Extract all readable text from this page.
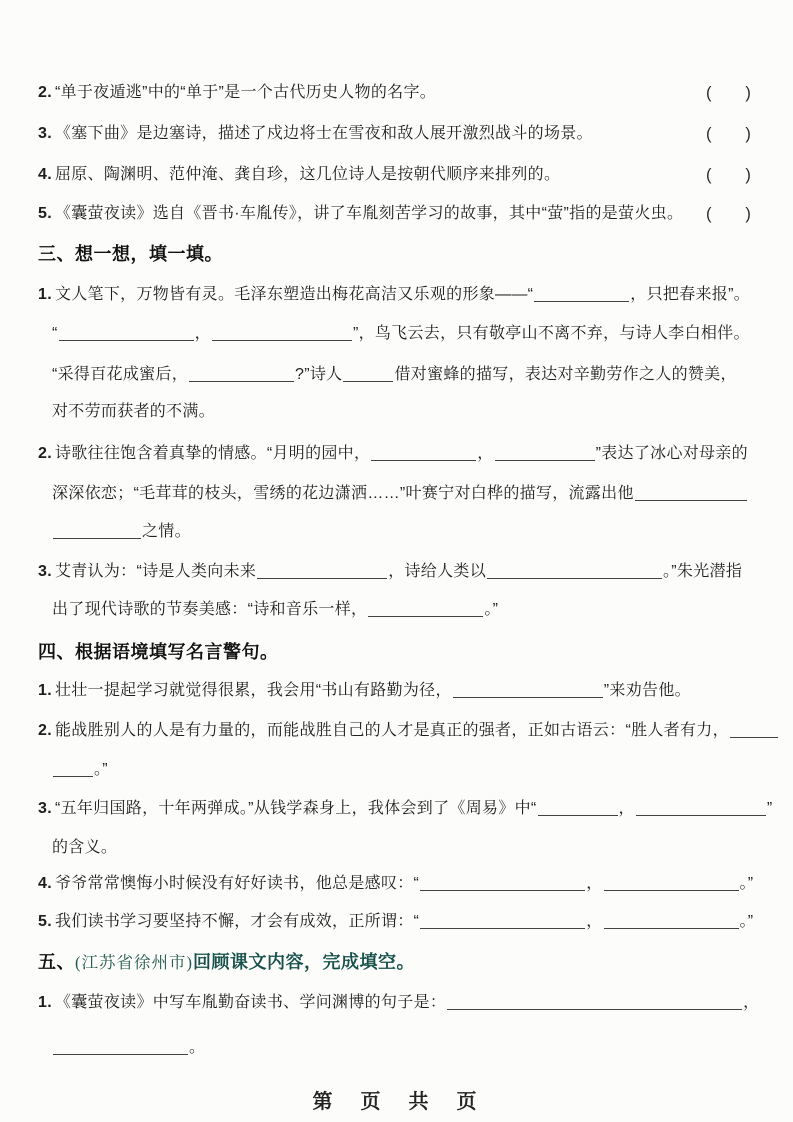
2. “单于夜遁逃”中的“单于”是一个古代历史人物的名字。	(　　)
3. 《塞下曲》是边塞诗，描述了戍边将士在雪夜和敌人展开激烈战斗的场景。	(　　)
4. 屈原、陶渊明、范仲淹、龚自珍，这几位诗人是按朝代顺序来排列的。	(　　)
5. 《囊萤夜读》选自《晋书·车胤传》，讲了车胤刻苦学习的故事，其中“萤”指的是萤火虫。 (　　)
三、想一想，填一填。
1. 文人笔下，万物皆有灵。毛泽东塑造出梅花高洁又乐观的形象——“	，只把春来报”。
“	，	”，鸟飞云去，只有敬亭山不离不弃，与诗人李白相伴。
“采得百花成蜜后，	?”诗人	借对蜜蜂的描写，表达对辛勤劳作之人的赞美，
对不劳而获者的不满。
2. 诗歌往往饱含着真挚的情感。“月明的园中，	，	”表达了冰心对母亲的
深深依恋；“毛茸茸的枝头，雪绣的花边潇洒……”叶赛宁对白桦的描写，流露出他
之情。
3. 艾青认为：“诗是人类向未来	，诗给人类以	。”朱光潜指
出了现代诗歌的节奏美感：“诗和音乐一样，	。”
四、根据语境填写名言警句。
1. 壮壮一提起学习就觉得很累，我会用“书山有路勤为径，	”来劝告他。
2. 能战胜别人的人是有力量的，而能战胜自己的人才是真正的强者，正如古语云：“胜人者有力，
。”
3. “五年归国路，十年两弹成。”从钱学森身上，我体会到了《周易》中“	，	”
的含义。
4. 爷爷常常懊悔小时候没有好好读书，他总是感叹：“	，	。”
5. 我们读书学习要坚持不懈，才会有成效，正所谓：“	，	。”
五、(江苏省徐州市)回顾课文内容，完成填空。
1. 《囊萤夜读》中写车胤勤奋读书、学问渊博的句子是：	，
。
第　页　共　页
